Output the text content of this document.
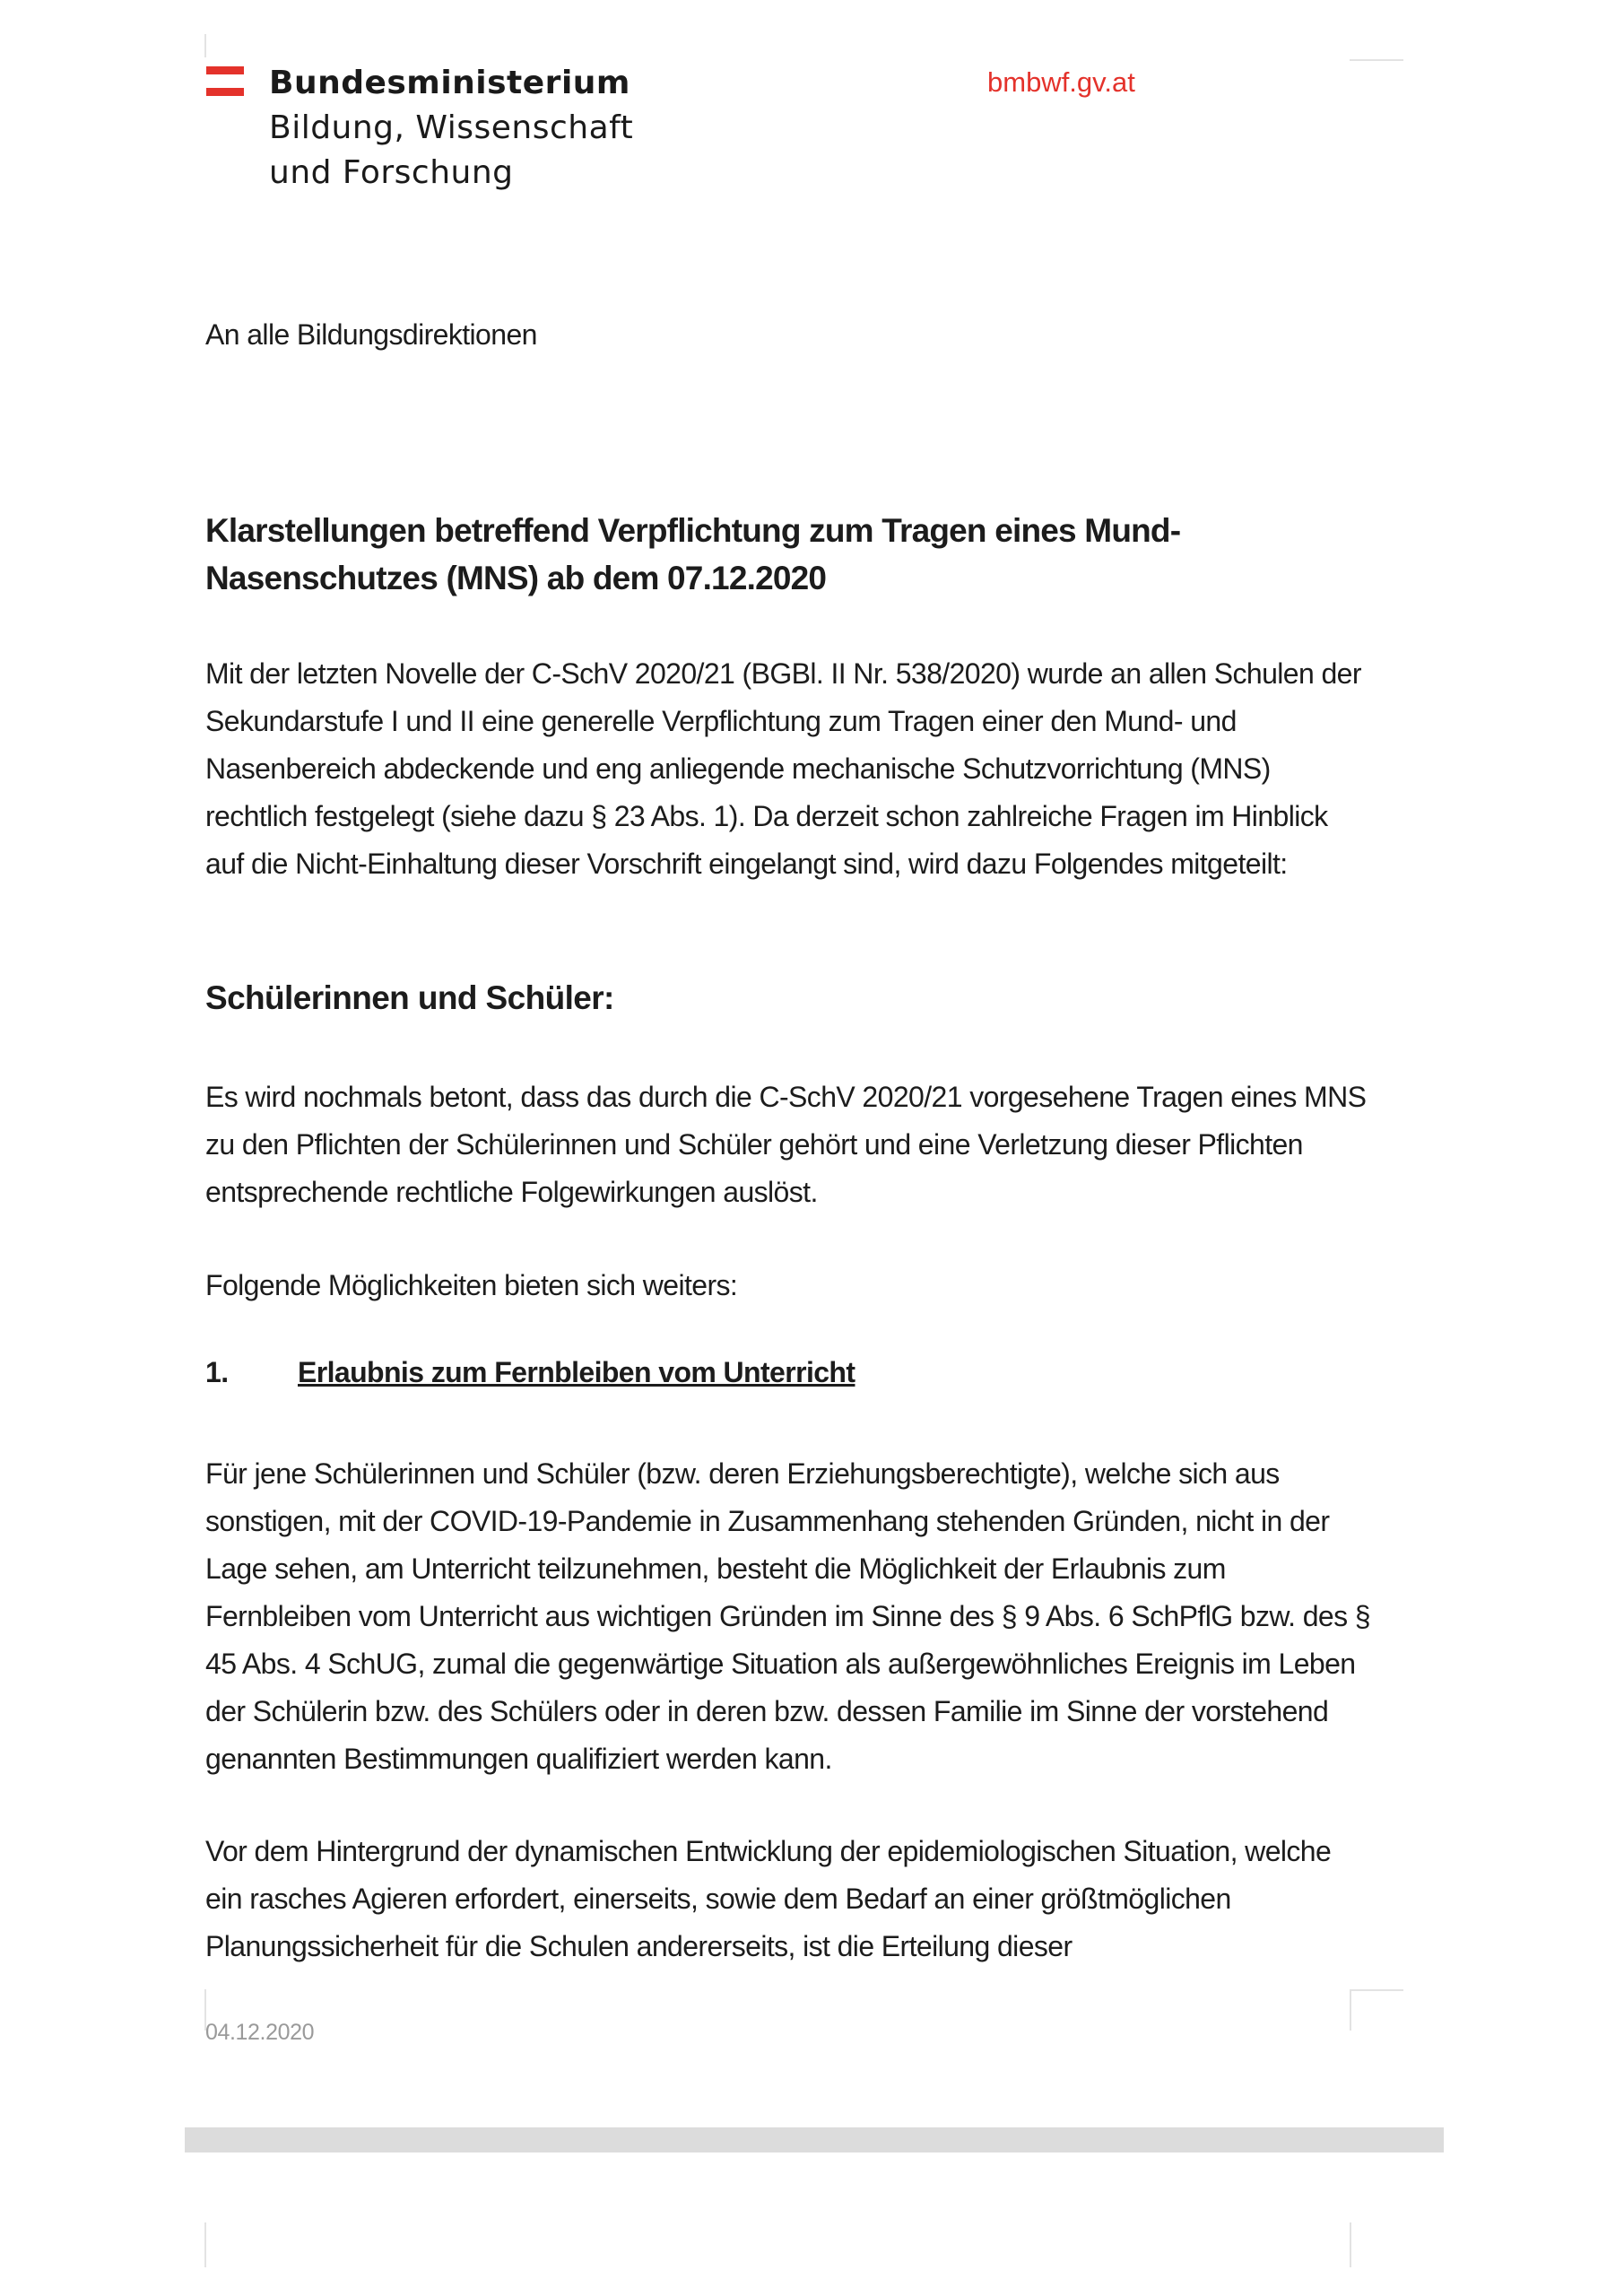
Bundesministerium
Bildung, Wissenschaft
und Forschung
bmbwf.gv.at
An alle Bildungsdirektionen
Klarstellungen betreffend Verpflichtung zum Tragen eines Mund-Nasenschutzes (MNS) ab dem 07.12.2020
Mit der letzten Novelle der C-SchV 2020/21 (BGBl. II Nr. 538/2020) wurde an allen Schulen der Sekundarstufe I und II eine generelle Verpflichtung zum Tragen einer den Mund- und Nasenbereich abdeckende und eng anliegende mechanische Schutzvorrichtung (MNS) rechtlich festgelegt (siehe dazu § 23 Abs. 1). Da derzeit schon zahlreiche Fragen im Hinblick auf die Nicht-Einhaltung dieser Vorschrift eingelangt sind, wird dazu Folgendes mitgeteilt:
Schülerinnen und Schüler:
Es wird nochmals betont, dass das durch die C-SchV 2020/21 vorgesehene Tragen eines MNS zu den Pflichten der Schülerinnen und Schüler gehört und eine Verletzung dieser Pflichten entsprechende rechtliche Folgewirkungen auslöst.
Folgende Möglichkeiten bieten sich weiters:
1. Erlaubnis zum Fernbleiben vom Unterricht
Für jene Schülerinnen und Schüler (bzw. deren Erziehungsberechtigte), welche sich aus sonstigen, mit der COVID-19-Pandemie in Zusammenhang stehenden Gründen, nicht in der Lage sehen, am Unterricht teilzunehmen, besteht die Möglichkeit der Erlaubnis zum Fernbleiben vom Unterricht aus wichtigen Gründen im Sinne des § 9 Abs. 6 SchPflG bzw. des § 45 Abs. 4 SchUG, zumal die gegenwärtige Situation als außergewöhnliches Ereignis im Leben der Schülerin bzw. des Schülers oder in deren bzw. dessen Familie im Sinne der vorstehend genannten Bestimmungen qualifiziert werden kann.
Vor dem Hintergrund der dynamischen Entwicklung der epidemiologischen Situation, welche ein rasches Agieren erfordert, einerseits, sowie dem Bedarf an einer größtmöglichen Planungssicherheit für die Schulen andererseits, ist die Erteilung dieser
04.12.2020
